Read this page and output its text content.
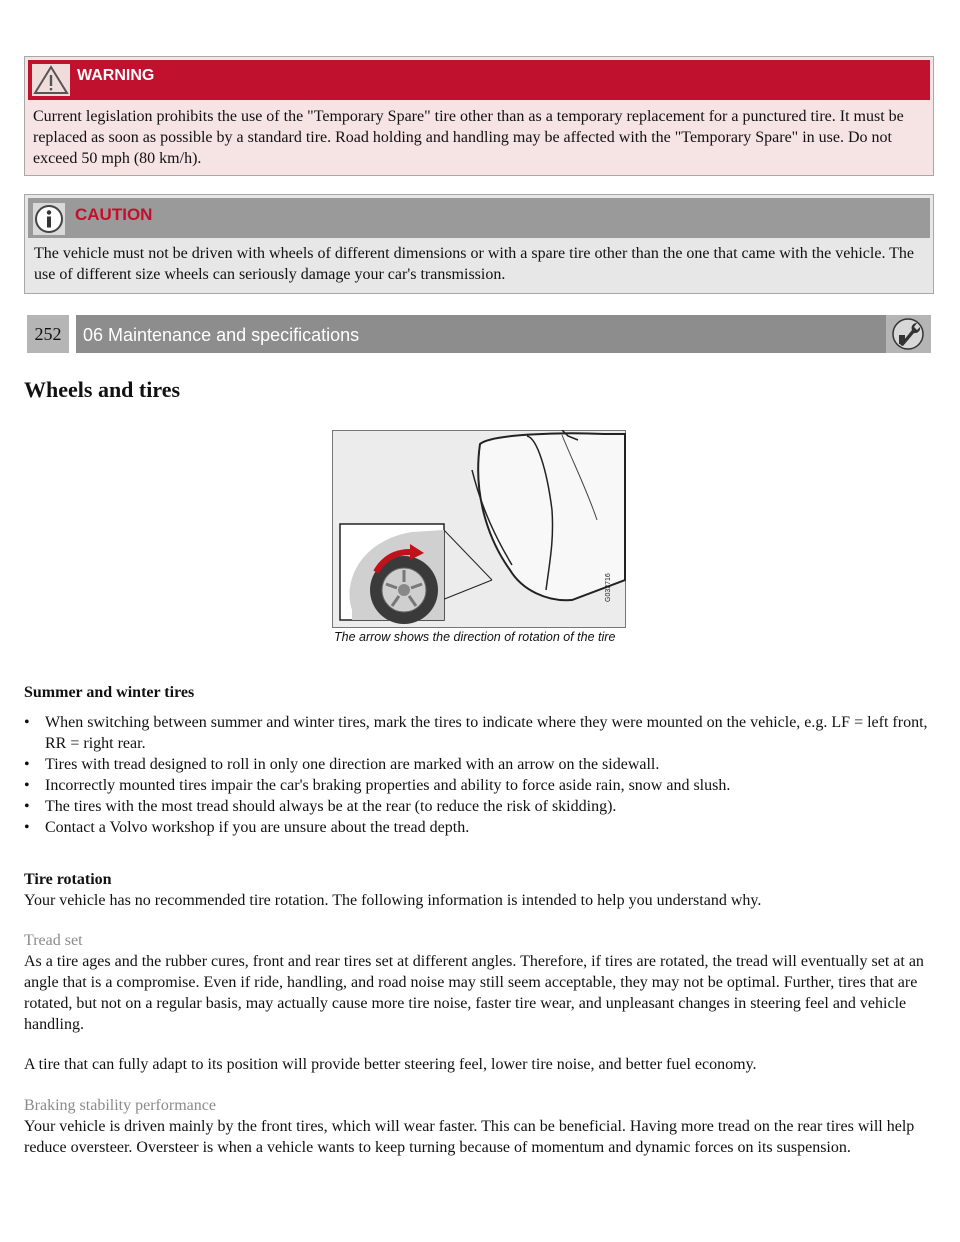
WARNING
Current legislation prohibits the use of the "Temporary Spare" tire other than as a temporary replacement for a punctured tire. It must be replaced as soon as possible by a standard tire. Road holding and handling may be affected with the "Temporary Spare" in use. Do not exceed 50 mph (80 km/h).
CAUTION
The vehicle must not be driven with wheels of different dimensions or with a spare tire other than the one that came with the vehicle. The use of different size wheels can seriously damage your car's transmission.
252	06 Maintenance and specifications
Wheels and tires
G032716
The arrow shows the direction of rotation of the tire
Summer and winter tires
• When switching between summer and winter tires, mark the tires to indicate where they were mounted on the vehicle, e.g. LF = left front, RR = right rear.
• Tires with tread designed to roll in only one direction are marked with an arrow on the sidewall.
• Incorrectly mounted tires impair the car's braking properties and ability to force aside rain, snow and slush.
• The tires with the most tread should always be at the rear (to reduce the risk of skidding).
• Contact a Volvo workshop if you are unsure about the tread depth.
Tire rotation

Your vehicle has no recommended tire rotation. The following information is intended to help you understand why.

Tread set

As a tire ages and the rubber cures, front and rear tires set at different angles. Therefore, if tires are rotated, the tread will eventually set at an angle that is a compromise. Even if ride, handling, and road noise may still seem acceptable, they may not be optimal. Further, tires that are rotated, but not on a regular basis, may actually cause more tire noise, faster tire wear, and unpleasant changes in steering feel and vehicle handling.

A tire that can fully adapt to its position will provide better steering feel, lower tire noise, and better fuel economy.

Braking stability performance

Your vehicle is driven mainly by the front tires, which will wear faster. This can be beneficial. Having more tread on the rear tires will help reduce oversteer. Oversteer is when a vehicle wants to keep turning because of momentum and dynamic forces on its suspension.
